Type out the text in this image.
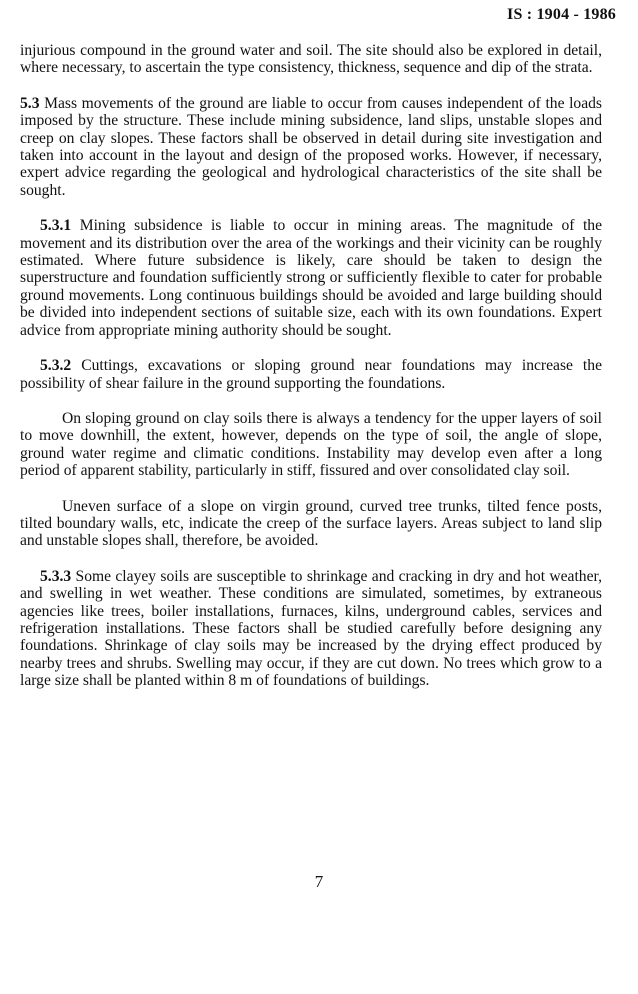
IS : 1904 - 1986

injurious compound in the ground water and soil. The site should also be explored in detail, where necessary, to ascertain the type consistency, thickness, sequence and dip of the strata.

5.3 Mass movements of the ground are liable to occur from causes independent of the loads imposed by the structure. These include mining subsidence, land slips, unstable slopes and creep on clay slopes. These factors shall be observed in detail during site investigation and taken into account in the layout and design of the proposed works. However, if necessary, expert advice regarding the geological and hydrological characteristics of the site shall be sought.

5.3.1 Mining subsidence is liable to occur in mining areas. The magnitude of the movement and its distribution over the area of the workings and their vicinity can be roughly estimated. Where future subsidence is likely, care should be taken to design the superstructure and foundation sufficiently strong or sufficiently flexible to cater for probable ground movements. Long continuous buildings should be avoided and large building should be divided into independent sections of suitable size, each with its own foundations. Expert advice from appropriate mining authority should be sought.

5.3.2 Cuttings, excavations or sloping ground near foundations may increase the possibility of shear failure in the ground supporting the foundations.

On sloping ground on clay soils there is always a tendency for the upper layers of soil to move downhill, the extent, however, depends on the type of soil, the angle of slope, ground water regime and climatic conditions. Instability may develop even after a long period of apparent stability, particularly in stiff, fissured and over consolidated clay soil.

Uneven surface of a slope on virgin ground, curved tree trunks, tilted fence posts, tilted boundary walls, etc, indicate the creep of the surface layers. Areas subject to land slip and unstable slopes shall, therefore, be avoided.

5.3.3 Some clayey soils are susceptible to shrinkage and cracking in dry and hot weather, and swelling in wet weather. These conditions are simulated, sometimes, by extraneous agencies like trees, boiler installations, furnaces, kilns, underground cables, services and refrigeration installations. These factors shall be studied carefully before designing any foundations. Shrinkage of clay soils may be increased by the drying effect produced by nearby trees and shrubs. Swelling may occur, if they are cut down. No trees which grow to a large size shall be planted within 8 m of foundations of buildings.

7
